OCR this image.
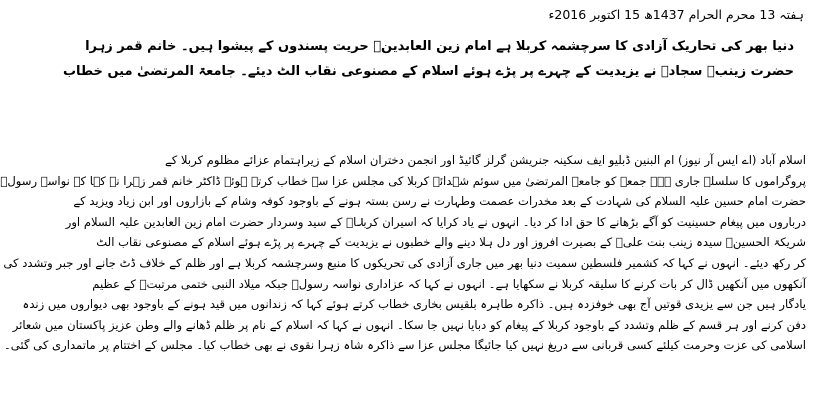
ہفتہ 13 محرم الحرام 1437ھ 15 اکتوبر 2016ء
دنیا بھر کی تحاریک آزادی کا سرچشمہ کربلا ہے امام زین العابدینؑ حریت پسندوں کے پیشوا ہیں۔ خانم قمر زہرا
حضرت زینبؑ سجادؑ نے یزیدیت کے چہرے پر پڑے ہوئے اسلام کے مصنوعی نقاب الٹ دیئے۔ جامعۃ المرتضیٰ میں خطاب
اسلام آباد (اے ایس آر نیوز) ام البنین ڈبلیو ایف سکینہ جنریشن گرلز گائیڈ اور انجمن دختران اسلام کے زیراہتمام عزائے مظلوم کربلا کے
پروگراموں کا سلسلہ جاری ہے۔ جمعہ کو جامعۃ المرتضیٰ میں سوئم شہدائے کربلا کی مجلس عزا سے خطاب کرتے ہوئے ڈاکٹر خانم قمر زہرا نے کہا کہ نواسہ رسولؐ
حضرت امام حسین علیہ السلام کی شہادت کے بعد مخدرات عصمت وطہارت نے رسن بستہ ہونے کے باوجود کوفہ وشام کے بازاروں اور ابن زیاد ویزید کے
درباروں میں پیغام حسینیت کو آگے بڑھانے کا حق ادا کر دیا۔ انہوں نے یاد کرایا کہ اسیران کربلاؑ کے سید وسردار حضرت امام زین العابدین علیہ السلام اور
شریکۃ الحسینؑ سیدہ زینب بنت علیؑ کے بصیرت افروز اور دل ہلا دینے والے خطبوں نے یزیدیت کے چہرے پر پڑے ہوئے اسلام کے مصنوعی نقاب الٹ
کر رکھ دیئے۔ انہوں نے کہا کہ کشمیر فلسطین سمیت دنیا بھر میں جاری آزادی کی تحریکوں کا منبع وسرچشمہ کربلا ہے اور ظلم کے خلاف ڈٹ جانے اور جبر وتشدد کی
آنکھوں میں آنکھیں ڈال کر بات کرنے کا سلیقہ کربلا نے سکھایا ہے۔ انہوں نے کہا کہ عزاداری نواسہ رسولؐ جبکہ میلاد النبی ختمی مرتبتؐ کے عظیم
یادگار ہیں جن سے یزیدی قوتیں آج بھی خوفزدہ ہیں۔ ذاکرہ طاہرہ بلقیس بخاری خطاب کرتے ہوئے کہا کہ زندانوں میں قید ہونے کے باوجود بھی دیواروں میں زندہ
دفن کرنے اور ہر قسم کے ظلم وتشدد کے باوجود کربلا کے پیغام کو دبایا نہیں جا سکا۔ انہوں نے کہا کہ اسلام کے نام پر ظلم ڈھانے والے وطن عزیز پاکستان میں شعائر
اسلامی کی عزت وحرمت کیلئے کسی قربانی سے دریغ نہیں کیا جائیگا مجلس عزا سے ذاکرہ شاہ زہرا نقوی نے بھی خطاب کیا۔ مجلس کے اختتام پر ماتمداری کی گئی۔
